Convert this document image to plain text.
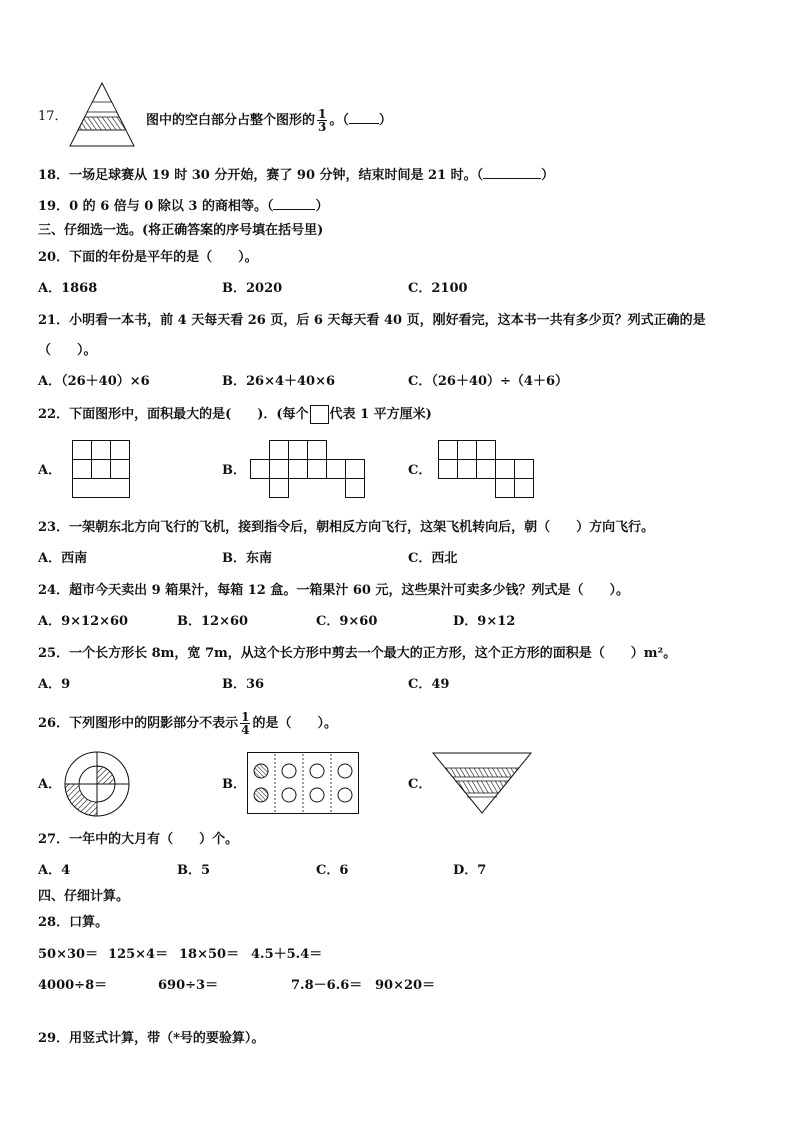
17．	图中的空白部分占整个图形的 $\frac{1}{3}$ 。（ ）
18．一场足球赛从 19 时 30 分开始，赛了 90 分钟，结束时间是 21 时。（	）
19．0 的 6 倍与 0 除以 3 的商相等。（	）
三、仔细选一选。(将正确答案的序号填在括号里)
20．下面的年份是平年的是（　　）。
A．1868	B．2020	C．2100
21．小明看一本书，前 4 天每天看 26 页，后 6 天每天看 40 页，刚好看完，这本书一共有多少页？列式正确的是
（　　）。
A．（26＋40）×6	B．26×4＋40×6	C．（26＋40）÷（4＋6）
22．下面图形中，面积最大的是(　　)．(每个 代表 1 平方厘米)
A．	B．	C．
23．一架朝东北方向飞行的飞机，接到指令后，朝相反方向飞行，这架飞机转向后，朝（　　）方向飞行。
A．西南	B．东南	C．西北
24．超市今天卖出 9 箱果汁，每箱 12 盒。一箱果汁 60 元，这些果汁可卖多少钱？列式是（　　）。
A．9×12×60	B．12×60	C．9×60	D．9×12
25．一个长方形长 8m，宽 7m，从这个长方形中剪去一个最大的正方形，这个正方形的面积是（　　）m²。
A．9	B．36	C．49
26．下列图形中的阴影部分不表示 $\frac{1}{4}$ 的是（　　）。
A．	B．	C．
27．一年中的大月有（　　）个。
A．4	B．5	C．6	D．7
四、仔细计算。
28．口算。
50×30＝ 125×4＝ 18×50＝ 4.5＋5.4＝
4000÷8＝	690÷3＝	7.8－6.6＝ 90×20＝
29．用竖式计算，带（*号的要验算）。
